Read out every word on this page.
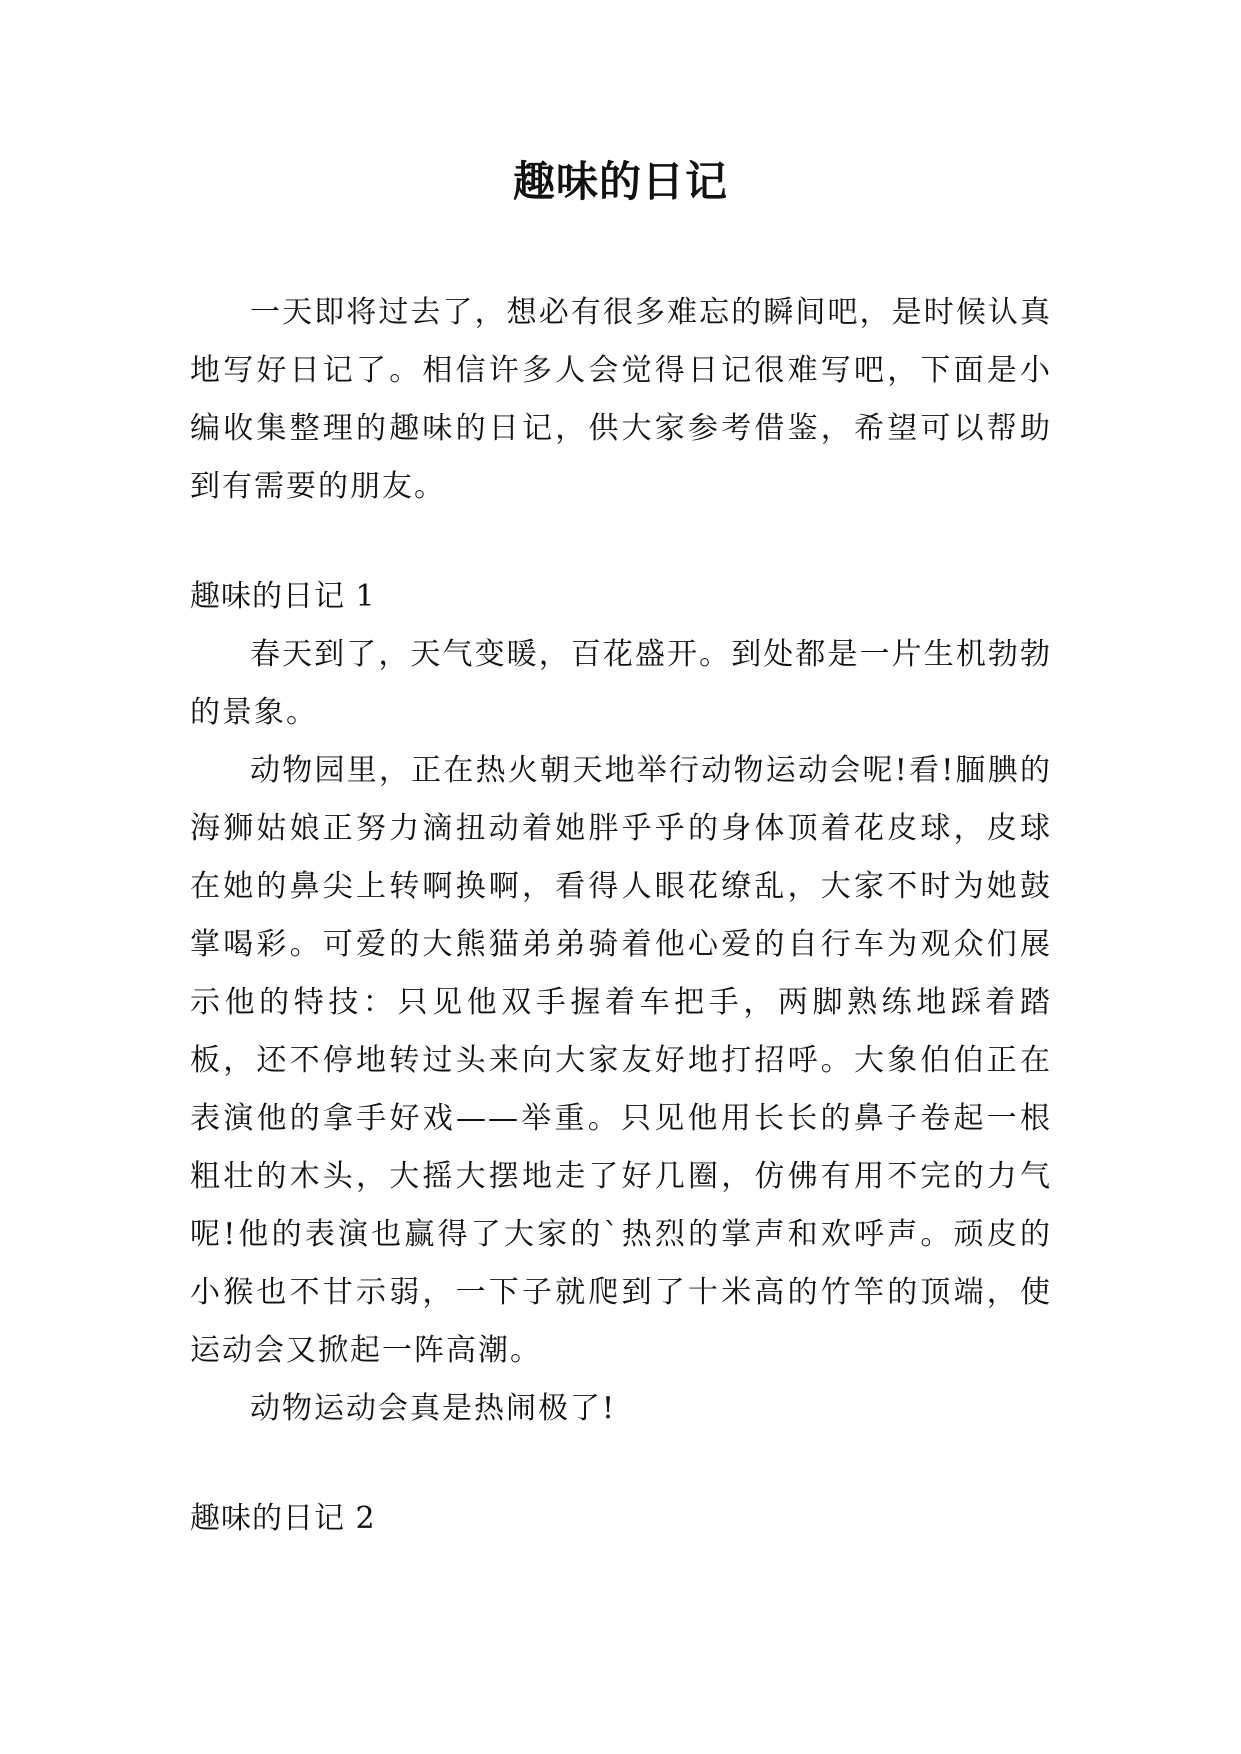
趣味的日记

一天即将过去了，想必有很多难忘的瞬间吧，是时候认真地写好日记了。相信许多人会觉得日记很难写吧，下面是小编收集整理的趣味的日记，供大家参考借鉴，希望可以帮助到有需要的朋友。

趣味的日记 1

春天到了，天气变暖，百花盛开。到处都是一片生机勃勃的景象。

动物园里，正在热火朝天地举行动物运动会呢!看!腼腆的海狮姑娘正努力滴扭动着她胖乎乎的身体顶着花皮球，皮球在她的鼻尖上转啊换啊，看得人眼花缭乱，大家不时为她鼓掌喝彩。可爱的大熊猫弟弟骑着他心爱的自行车为观众们展示他的特技：只见他双手握着车把手，两脚熟练地踩着踏板，还不停地转过头来向大家友好地打招呼。大象伯伯正在表演他的拿手好戏——举重。只见他用长长的鼻子卷起一根粗壮的木头，大摇大摆地走了好几圈，仿佛有用不完的力气呢!他的表演也赢得了大家的`热烈的掌声和欢呼声。顽皮的小猴也不甘示弱，一下子就爬到了十米高的竹竿的顶端，使运动会又掀起一阵高潮。

动物运动会真是热闹极了!

趣味的日记 2
